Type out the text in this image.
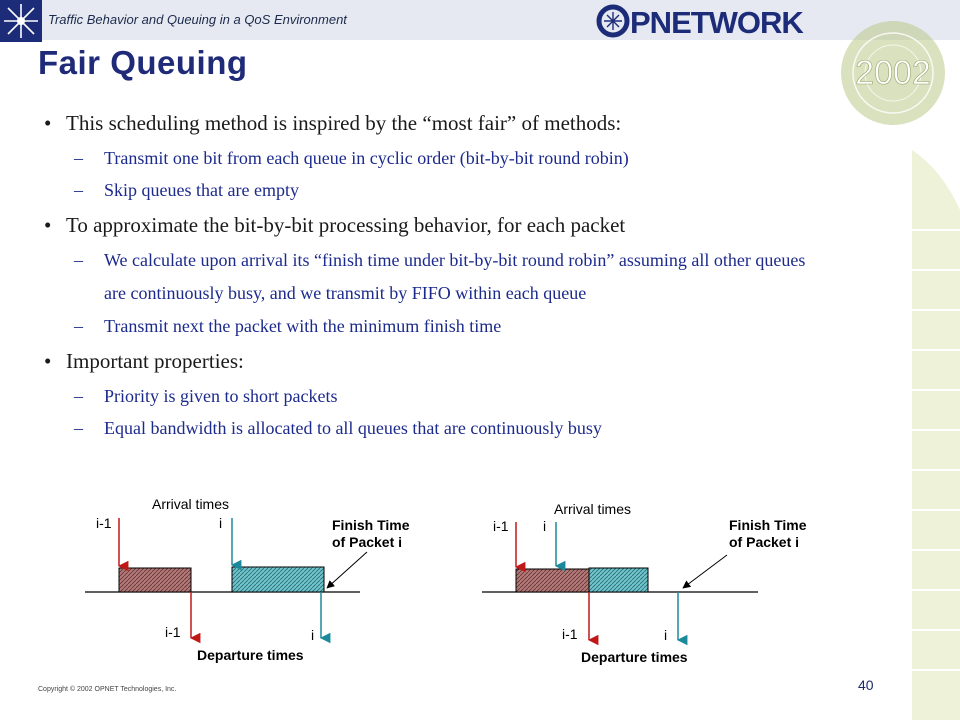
Traffic Behavior and Queuing in a QoS Environment	PNETWORK
2002
Fair Queuing
• This scheduling method is inspired by the “most fair” of methods:
– Transmit one bit from each queue in cyclic order (bit-by-bit round robin)
– Skip queues that are empty
• To approximate the bit-by-bit processing behavior, for each packet
– We calculate upon arrival its “finish time under bit-by-bit round robin” assuming all other queues are continuously busy, and we transmit by FIFO within each queue
– Transmit next the packet with the minimum finish time
• Important properties:
– Priority is given to short packets
– Equal bandwidth is allocated to all queues that are continuously busy
i-1	i
Arrival times
Finish Time
of Packet i
i-1	i
Departure times
i-1 i
Arrival times
Finish Time
of Packet i
i-1	i
Departure times
Copyright © 2002 OPNET Technologies, Inc.	40
